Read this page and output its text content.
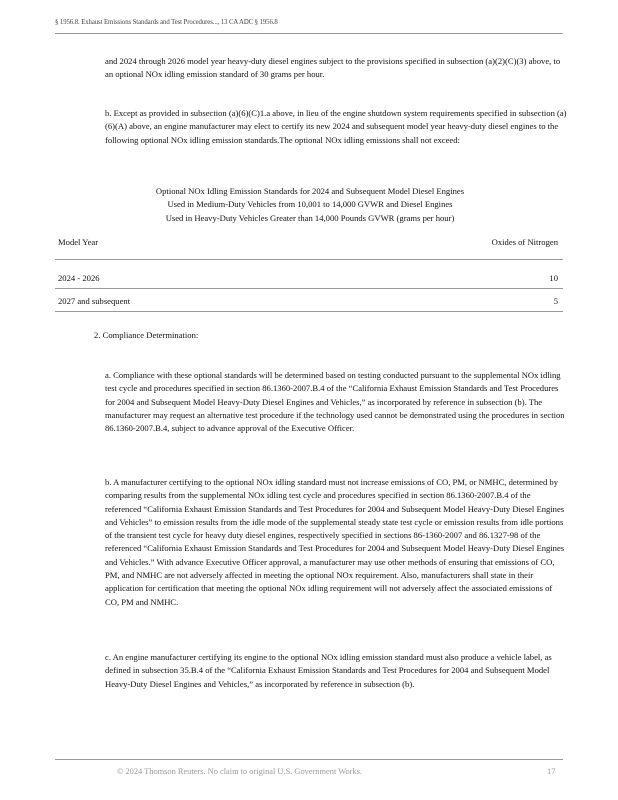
§ 1956.8. Exhaust Emissions Standards and Test Procedures..., 13 CA ADC § 1956.8

and 2024 through 2026 model year heavy-duty diesel engines subject to the provisions specified in subsection (a)(2)(C)(3) above, to an optional NOx idling emission standard of 30 grams per hour.

b. Except as provided in subsection (a)(6)(C)1.a above, in lieu of the engine shutdown system requirements specified in subsection (a)(6)(A) above, an engine manufacturer may elect to certify its new 2024 and subsequent model year heavy-duty diesel engines to the following optional NOx idling emission standards.The optional NOx idling emissions shall not exceed:

Optional NOx Idling Emission Standards for 2024 and Subsequent Model Diesel Engines
Used in Medium-Duty Vehicles from 10,001 to 14,000 GVWR and Diesel Engines
Used in Heavy-Duty Vehicles Greater than 14,000 Pounds GVWR (grams per hour)
Model Year	Oxides of Nitrogen
2024 - 2026	10
2027 and subsequent	5
2. Compliance Determination:

a. Compliance with these optional standards will be determined based on testing conducted pursuant to the supplemental NOx idling test cycle and procedures specified in section 86.1360-2007.B.4 of the “California Exhaust Emission Standards and Test Procedures for 2004 and Subsequent Model Heavy-Duty Diesel Engines and Vehicles,” as incorporated by reference in subsection (b). The manufacturer may request an alternative test procedure if the technology used cannot be demonstrated using the procedures in section 86.1360-2007.B.4, subject to advance approval of the Executive Officer.

b. A manufacturer certifying to the optional NOx idling standard must not increase emissions of CO, PM, or NMHC, determined by comparing results from the supplemental NOx idling test cycle and procedures specified in section 86.1360-2007.B.4 of the referenced “California Exhaust Emission Standards and Test Procedures for 2004 and Subsequent Model Heavy-Duty Diesel Engines and Vehicles” to emission results from the idle mode of the supplemental steady state test cycle or emission results from idle portions of the transient test cycle for heavy duty diesel engines, respectively specified in sections 86-1360-2007 and 86.1327-98 of the referenced “California Exhaust Emission Standards and Test Procedures for 2004 and Subsequent Model Heavy-Duty Diesel Engines and Vehicles.” With advance Executive Officer approval, a manufacturer may use other methods of ensuring that emissions of CO, PM, and NMHC are not adversely affected in meeting the optional NOx requirement. Also, manufacturers shall state in their application for certification that meeting the optional NOx idling requirement will not adversely affect the associated emissions of CO, PM and NMHC.

c. An engine manufacturer certifying its engine to the optional NOx idling emission standard must also produce a vehicle label, as defined in subsection 35.B.4 of the “California Exhaust Emission Standards and Test Procedures for 2004 and Subsequent Model Heavy-Duty Diesel Engines and Vehicles,” as incorporated by reference in subsection (b).

© 2024 Thomson Reuters. No claim to original U.S. Government Works.	17
